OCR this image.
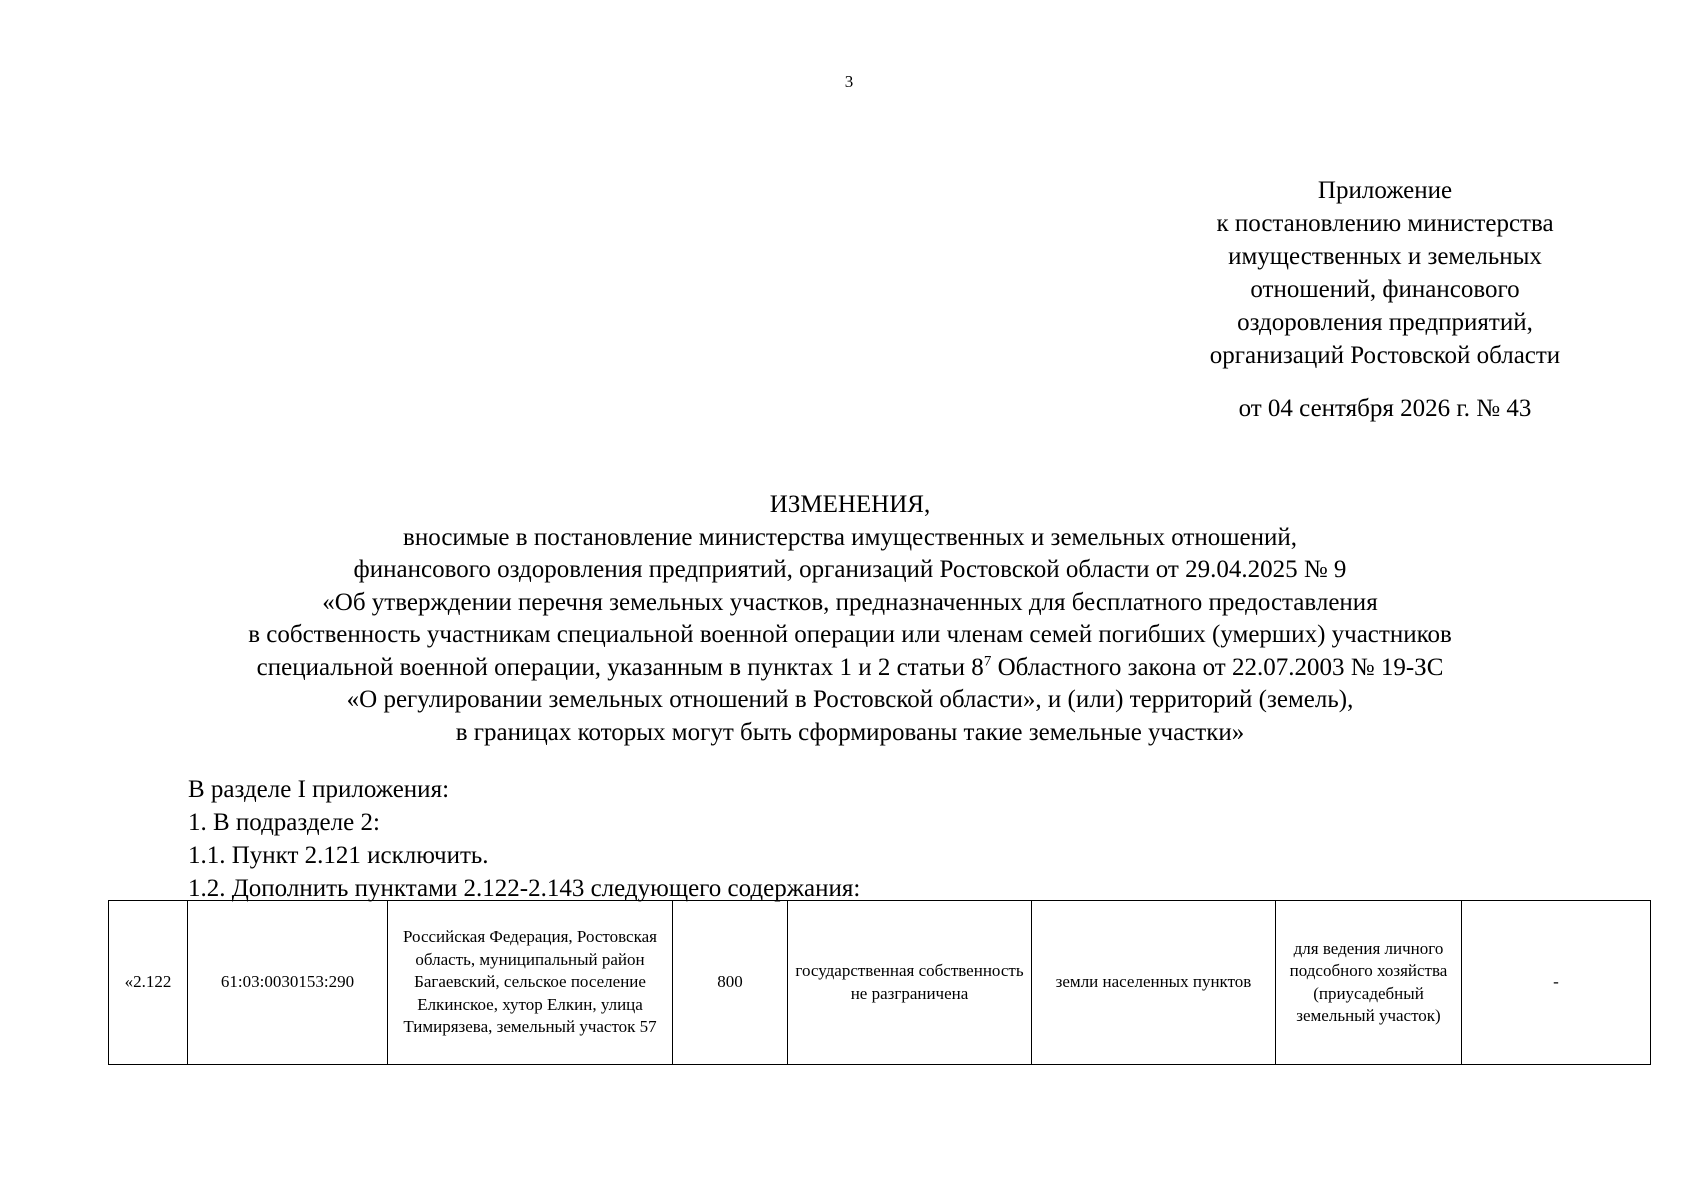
3
Приложение
к постановлению министерства
имущественных и земельных
отношений, финансового
оздоровления предприятий,
организаций Ростовской области
от 04 сентября 2026 г. № 43
ИЗМЕНЕНИЯ,
вносимые в постановление министерства имущественных и земельных отношений,
финансового оздоровления предприятий, организаций Ростовской области от 29.04.2025 № 9
«Об утверждении перечня земельных участков, предназначенных для бесплатного предоставления
в собственность участникам специальной военной операции или членам семей погибших (умерших) участников
специальной военной операции, указанным в пунктах 1 и 2 статьи $8^7$ Областного закона от 22.07.2003 № 19-ЗС
«О регулировании земельных отношений в Ростовской области», и (или) территорий (земель),
в границах которых могут быть сформированы такие земельные участки»
В разделе I приложения:
1. В подразделе 2:
1.1. Пункт 2.121 исключить.
1.2. Дополнить пунктами 2.122-2.143 следующего содержания:
«2.122	61:03:0030153:290	Российская Федерация, Ростовская область, муниципальный район Багаевский, сельское поселение Елкинское, хутор Елкин, улица Тимирязева, земельный участок 57	800	государственная собственность не разграничена	земли населенных пунктов	для ведения личного подсобного хозяйства (приусадебный земельный участок)	-
